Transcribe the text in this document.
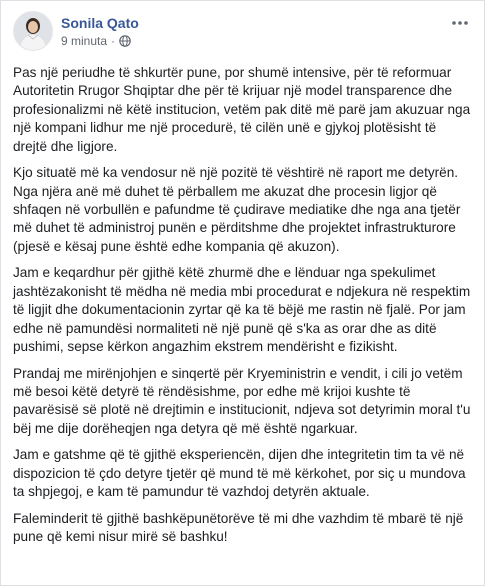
Sonila Qato
9 minuta ·

Pas një periudhe të shkurtër pune, por shumë intensive, për të reformuar Autoritetin Rrugor Shqiptar dhe për të krijuar një model transparence dhe profesionalizmi në këtë institucion, vetëm pak ditë më parë jam akuzuar nga një kompani lidhur me një procedurë, të cilën unë e gjykoj plotësisht të drejtë dhe ligjore.

Kjo situatë më ka vendosur në një pozitë të vështirë në raport me detyrën. Nga njëra anë më duhet të përballem me akuzat dhe procesin ligjor që shfaqen në vorbullën e pafundme të çudirave mediatike dhe nga ana tjetër më duhet të administroj punën e përditshme dhe projektet infrastrukturore (pjesë e kësaj pune është edhe kompania që akuzon).

Jam e keqardhur për gjithë këtë zhurmë dhe e lënduar nga spekulimet jashtëzakonisht të mëdha në media mbi procedurat e ndjekura në respektim të ligjit dhe dokumentacionin zyrtar që ka të bëjë me rastin në fjalë. Por jam edhe në pamundësi normaliteti në një punë që s'ka as orar dhe as ditë pushimi, sepse kërkon angazhim ekstrem mendërisht e fizikisht.

Prandaj me mirënjohjen e sinqertë për Kryeministrin e vendit, i cili jo vetëm më besoi këtë detyrë të rëndësishme, por edhe më krijoi kushte të pavarësisë së plotë në drejtimin e institucionit, ndjeva sot detyrimin moral t'u bëj me dije dorëheqjen nga detyra që më është ngarkuar.

Jam e gatshme që të gjithë eksperiencën, dijen dhe integritetin tim ta vë në dispozicion të çdo detyre tjetër që mund të më kërkohet, por siç u mundova ta shpjegoj, e kam të pamundur të vazhdoj detyrën aktuale.

Faleminderit të gjithë bashkëpunëtorëve të mi dhe vazhdim të mbarë të një pune që kemi nisur mirë së bashku!
